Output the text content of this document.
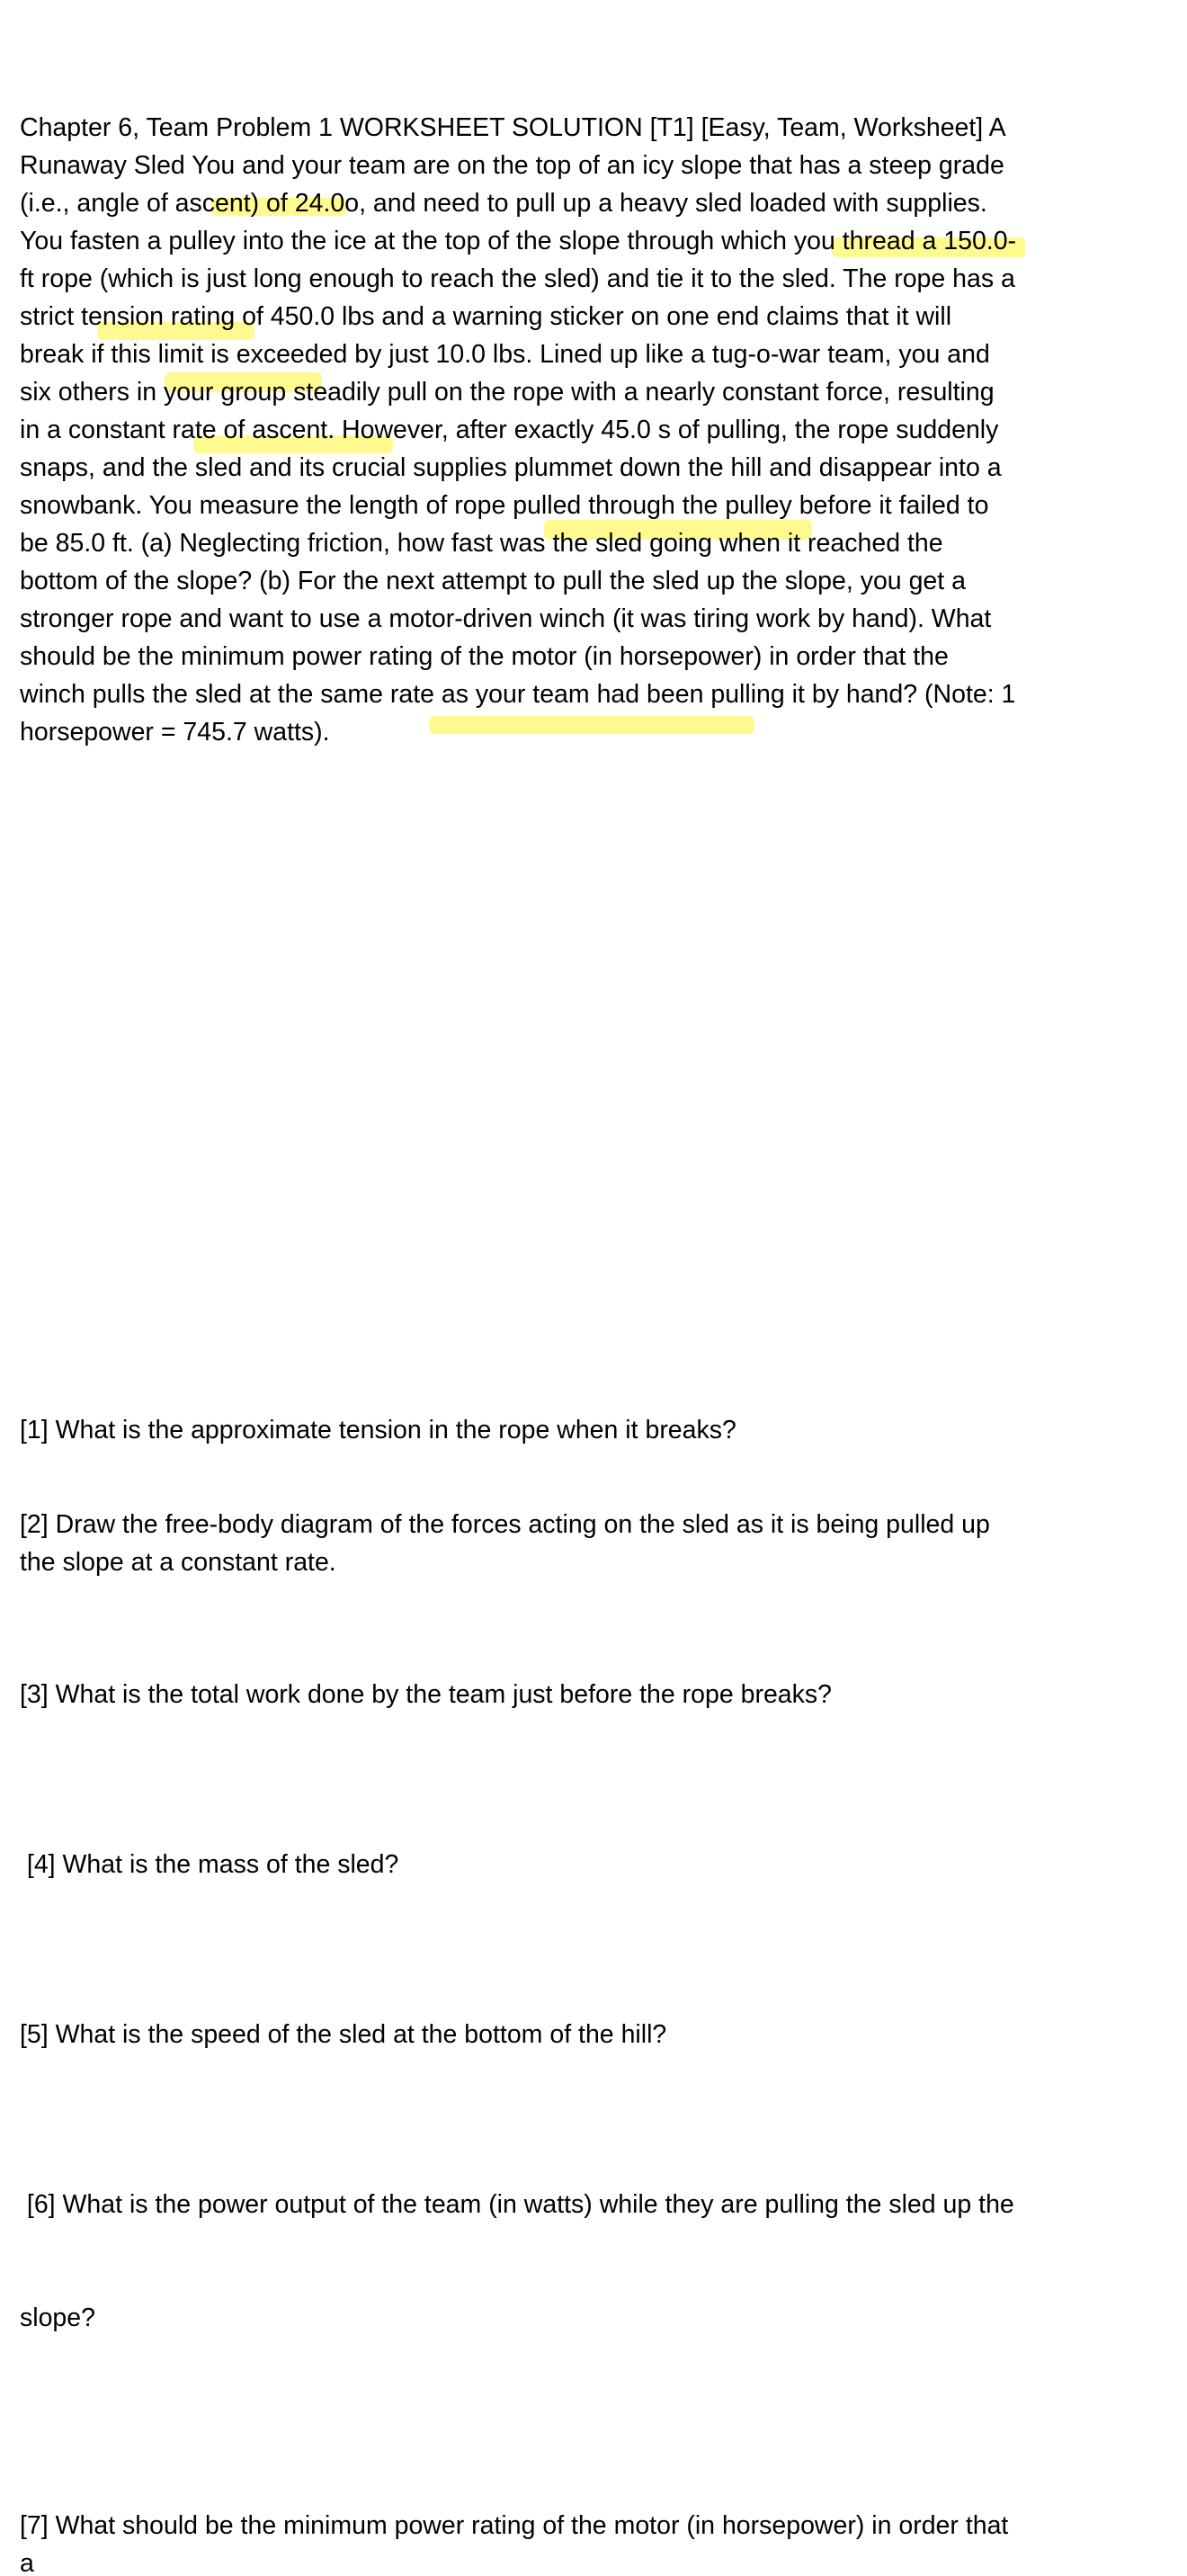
Chapter 6, Team Problem 1 WORKSHEET SOLUTION [T1] [Easy, Team, Worksheet] A
Runaway Sled You and your team are on the top of an icy slope that has a steep grade
(i.e., angle of ascent) of 24.0o, and need to pull up a heavy sled loaded with supplies.
You fasten a pulley into the ice at the top of the slope through which you thread a 150.0-
ft rope (which is just long enough to reach the sled) and tie it to the sled. The rope has a
strict tension rating of 450.0 lbs and a warning sticker on one end claims that it will
break if this limit is exceeded by just 10.0 lbs. Lined up like a tug-o-war team, you and
six others in your group steadily pull on the rope with a nearly constant force, resulting
in a constant rate of ascent. However, after exactly 45.0 s of pulling, the rope suddenly
snaps, and the sled and its crucial supplies plummet down the hill and disappear into a
snowbank. You measure the length of rope pulled through the pulley before it failed to
be 85.0 ft. (a) Neglecting friction, how fast was the sled going when it reached the
bottom of the slope? (b) For the next attempt to pull the sled up the slope, you get a
stronger rope and want to use a motor-driven winch (it was tiring work by hand). What
should be the minimum power rating of the motor (in horsepower) in order that the
winch pulls the sled at the same rate as your team had been pulling it by hand? (Note: 1
horsepower = 745.7 watts).
[1] What is the approximate tension in the rope when it breaks?
[2] Draw the free-body diagram of the forces acting on the sled as it is being pulled up
the slope at a constant rate.
[3] What is the total work done by the team just before the rope breaks?

[4] What is the mass of the sled?

[5] What is the speed of the sled at the bottom of the hill?

[6] What is the power output of the team (in watts) while they are pulling the sled up the

slope?

[7] What should be the minimum power rating of the motor (in horsepower) in order that
a
